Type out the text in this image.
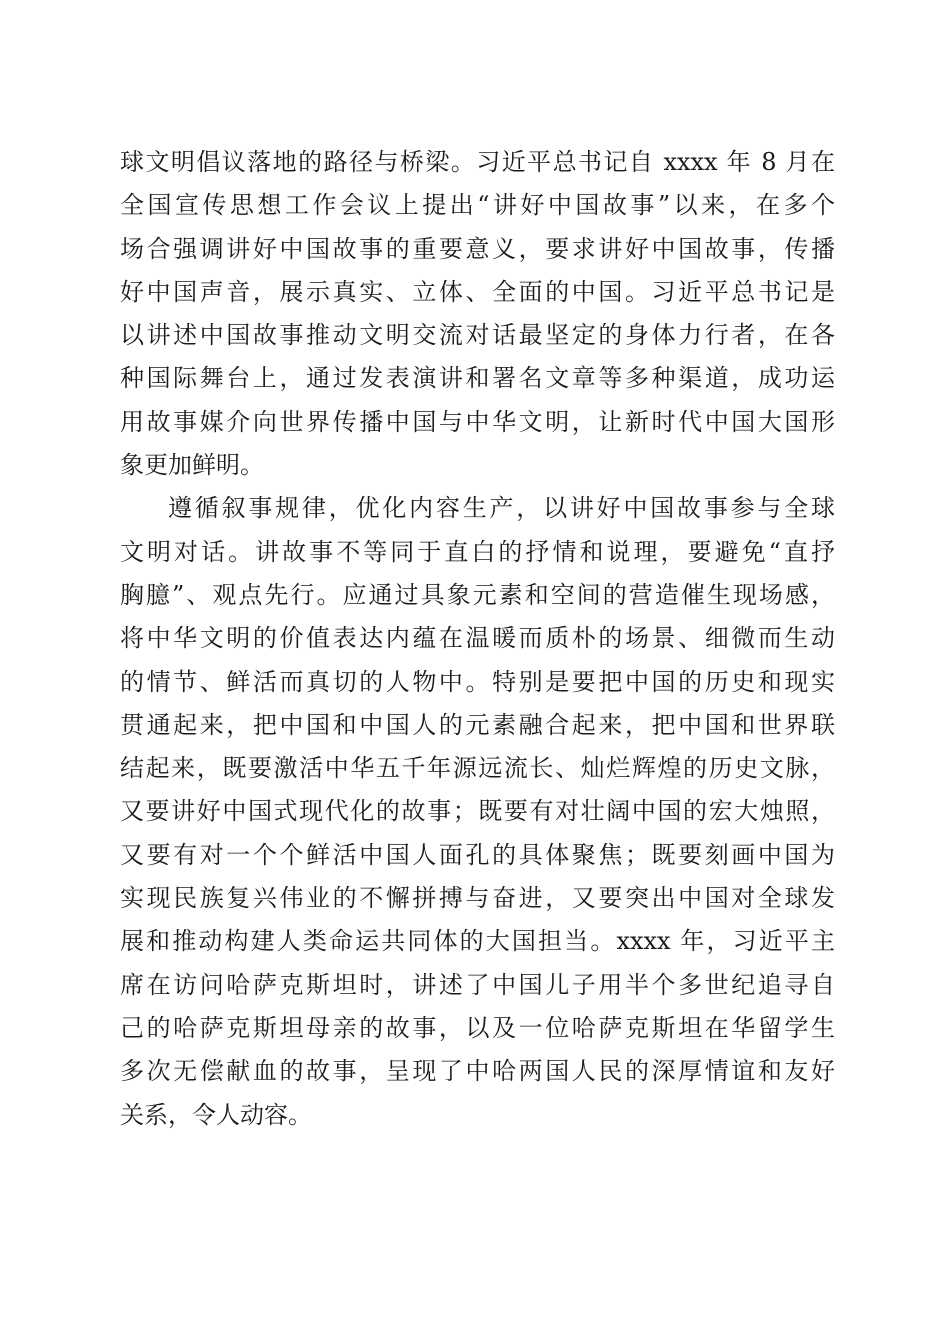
球文明倡议落地的路径与桥梁。习近平总书记自 xxxx 年 8 月在
全国宣传思想工作会议上提出“讲好中国故事”以来，在多个
场合强调讲好中国故事的重要意义，要求讲好中国故事，传播
好中国声音，展示真实、立体、全面的中国。习近平总书记是
以讲述中国故事推动文明交流对话最坚定的身体力行者，在各
种国际舞台上，通过发表演讲和署名文章等多种渠道，成功运
用故事媒介向世界传播中国与中华文明，让新时代中国大国形
象更加鲜明。
遵循叙事规律，优化内容生产，以讲好中国故事参与全球
文明对话。讲故事不等同于直白的抒情和说理，要避免“直抒
胸臆”、观点先行。应通过具象元素和空间的营造催生现场感，
将中华文明的价值表达内蕴在温暖而质朴的场景、细微而生动
的情节、鲜活而真切的人物中。特别是要把中国的历史和现实
贯通起来，把中国和中国人的元素融合起来，把中国和世界联
结起来，既要激活中华五千年源远流长、灿烂辉煌的历史文脉，
又要讲好中国式现代化的故事；既要有对壮阔中国的宏大烛照，
又要有对一个个鲜活中国人面孔的具体聚焦；既要刻画中国为
实现民族复兴伟业的不懈拼搏与奋进，又要突出中国对全球发
展和推动构建人类命运共同体的大国担当。xxxx 年，习近平主
席在访问哈萨克斯坦时，讲述了中国儿子用半个多世纪追寻自
己的哈萨克斯坦母亲的故事，以及一位哈萨克斯坦在华留学生
多次无偿献血的故事，呈现了中哈两国人民的深厚情谊和友好
关系，令人动容。
